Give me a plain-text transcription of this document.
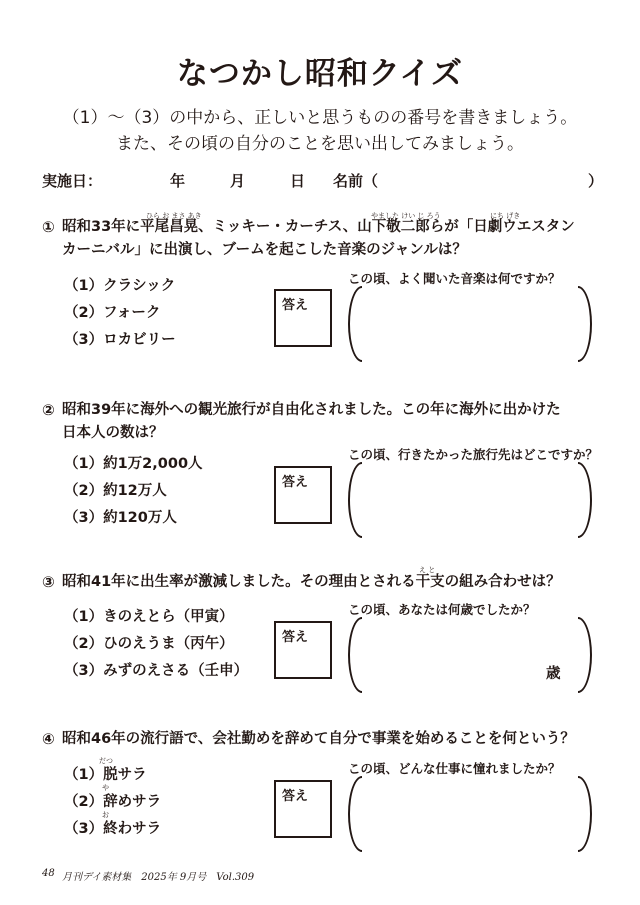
なつかし昭和クイズ
（1）～（3）の中から、正しいと思うものの番号を書きましょう。
また、その頃の自分のことを思い出してみましょう。
実施日：	年	月	日 名前（	）
ひら お まさ あき	やました けい じ ろう	にち げき
① 昭和33年に平尾昌晃、ミッキー・カーチス、山下敬二郎らが「日劇ウエスタン
カーニバル」に出演し、ブームを起こした音楽のジャンルは？
（1）クラシック
（2）フォーク
（3）ロカビリー
答え
この頃、よく聞いた音楽は何ですか？
② 昭和39年に海外への観光旅行が自由化されました。この年に海外に出かけた
日本人の数は？
（1）約1万2,000人
（2）約12万人
（3）約120万人
答え
この頃、行きたかった旅行先はどこですか？
え と
③ 昭和41年に出生率が激減しました。その理由とされる干支の組み合わせは？
（1）きのえとら（甲寅）
（2）ひのえうま（丙午）
（3）みずのえさる（壬申）
答え
この頃、あなたは何歳でしたか？
歳
④ 昭和46年の流行語で、会社勤めを辞めて自分で事業を始めることを何という？
だつ
や
お
（1）脱サラ
（2）辞めサラ
（3）終わサラ
答え
この頃、どんな仕事に憧れましたか？
48 月刊デイ素材集　2025年 9月号　Vol.309
